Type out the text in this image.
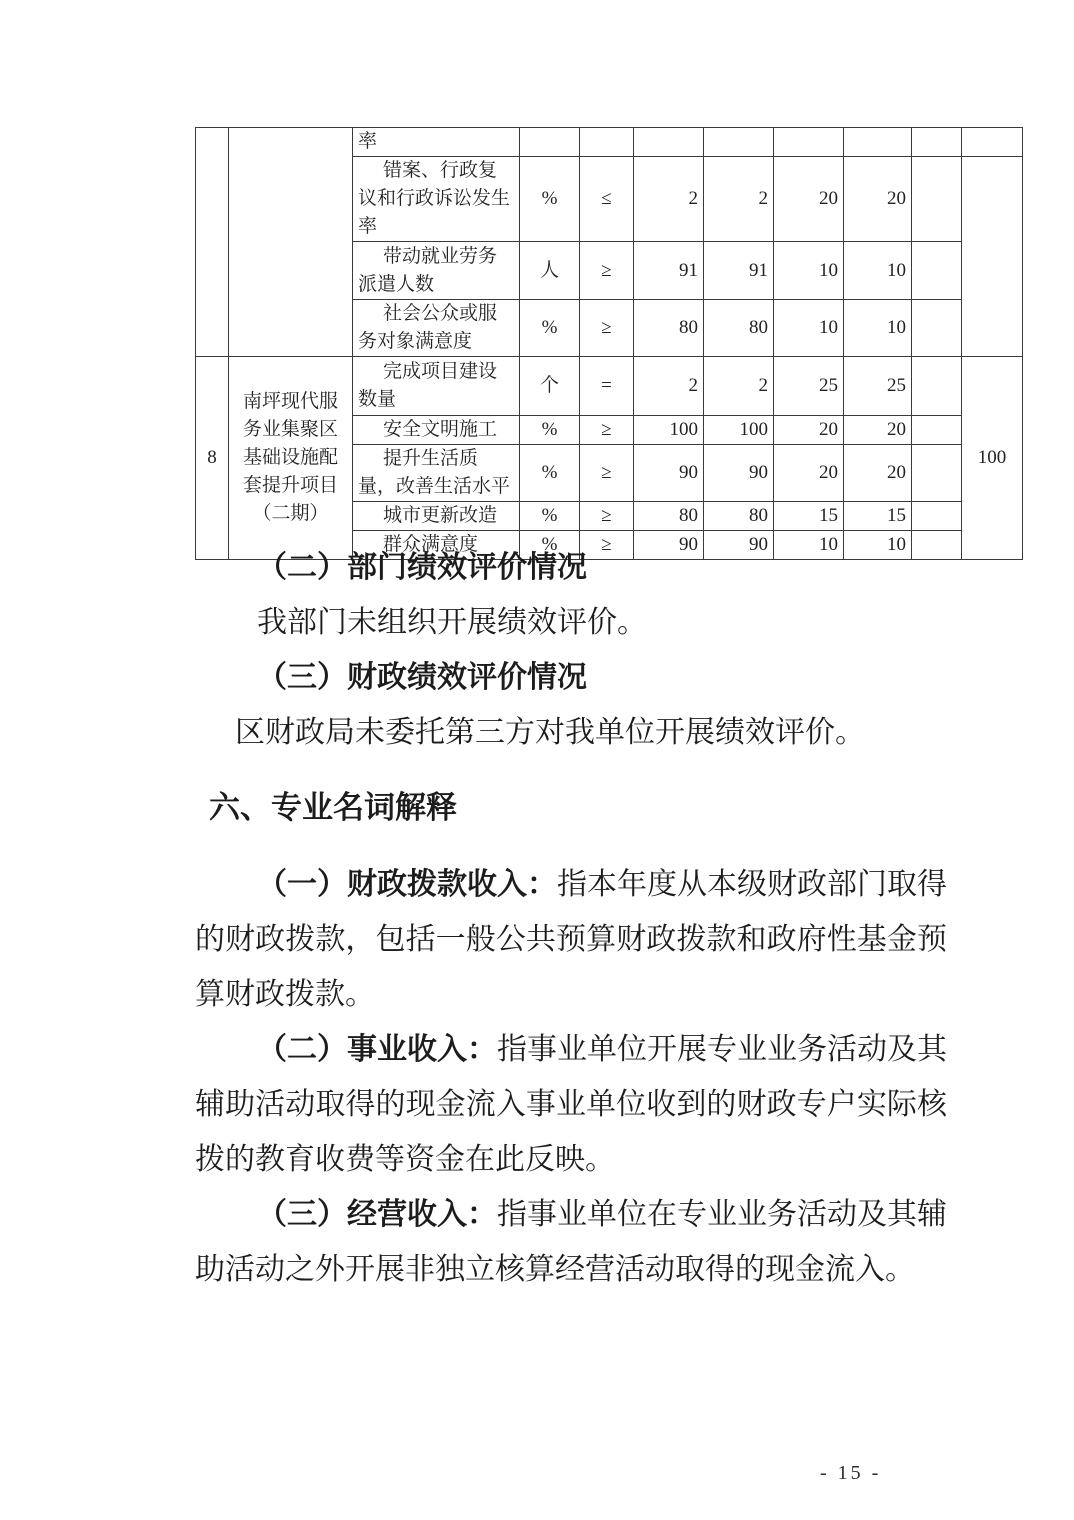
		率								
		错案、行政复议和行政诉讼发生率	%	≤	2	2	20	20		
		带动就业劳务派遣人数	人	≥	91	91	10	10		
		社会公众或服务对象满意度	%	≥	80	80	10	10		
8	南坪现代服务业集聚区基础设施配套提升项目（二期）	完成项目建设数量	个	=	2	2	25	25		100
		安全文明施工	%	≥	100	100	20	20		
		提升生活质量，改善生活水平	%	≥	90	90	20	20		
		城市更新改造	%	≥	80	80	15	15		
		群众满意度	%	≥	90	90	10	10		

（二）部门绩效评价情况

我部门未组织开展绩效评价。

（三）财政绩效评价情况

区财政局未委托第三方对我单位开展绩效评价。

六、专业名词解释

（一）财政拨款收入：指本年度从本级财政部门取得的财政拨款，包括一般公共预算财政拨款和政府性基金预算财政拨款。

（二）事业收入：指事业单位开展专业业务活动及其辅助活动取得的现金流入事业单位收到的财政专户实际核拨的教育收费等资金在此反映。

（三）经营收入：指事业单位在专业业务活动及其辅助活动之外开展非独立核算经营活动取得的现金流入。

- 15 -
